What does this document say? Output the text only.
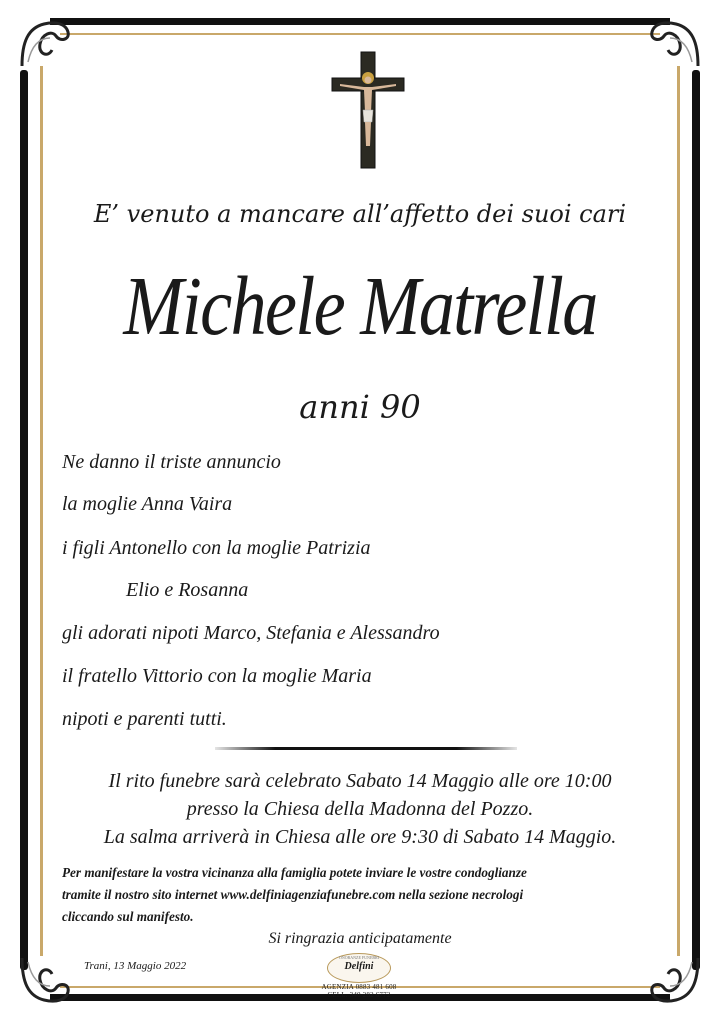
E’ venuto a mancare all’affetto dei suoi cari
Michele Matrella
anni 90
Ne danno il triste annuncio
la moglie Anna Vaira
i figli Antonello con la moglie Patrizia
Elio e Rosanna
gli adorati nipoti Marco, Stefania e Alessandro
il fratello Vittorio con la moglie Maria
nipoti e parenti tutti.
Il rito funebre sarà celebrato Sabato 14 Maggio alle ore 10:00
presso la Chiesa della Madonna del Pozzo.
La salma arriverà in Chiesa alle ore 9:30 di Sabato 14 Maggio.
Per manifestare la vostra vicinanza alla famiglia potete inviare le vostre condoglianze
tramite il nostro sito internet www.delfiniagenziafunebre.com nella sezione necrologi
cliccando sul manifesto.
Si ringrazia anticipatamente
Trani, 13 Maggio 2022
ONORANZE FUNEBRI
Delfini
AGENZIA 0883 481 608
CELL. 340 282 6772
